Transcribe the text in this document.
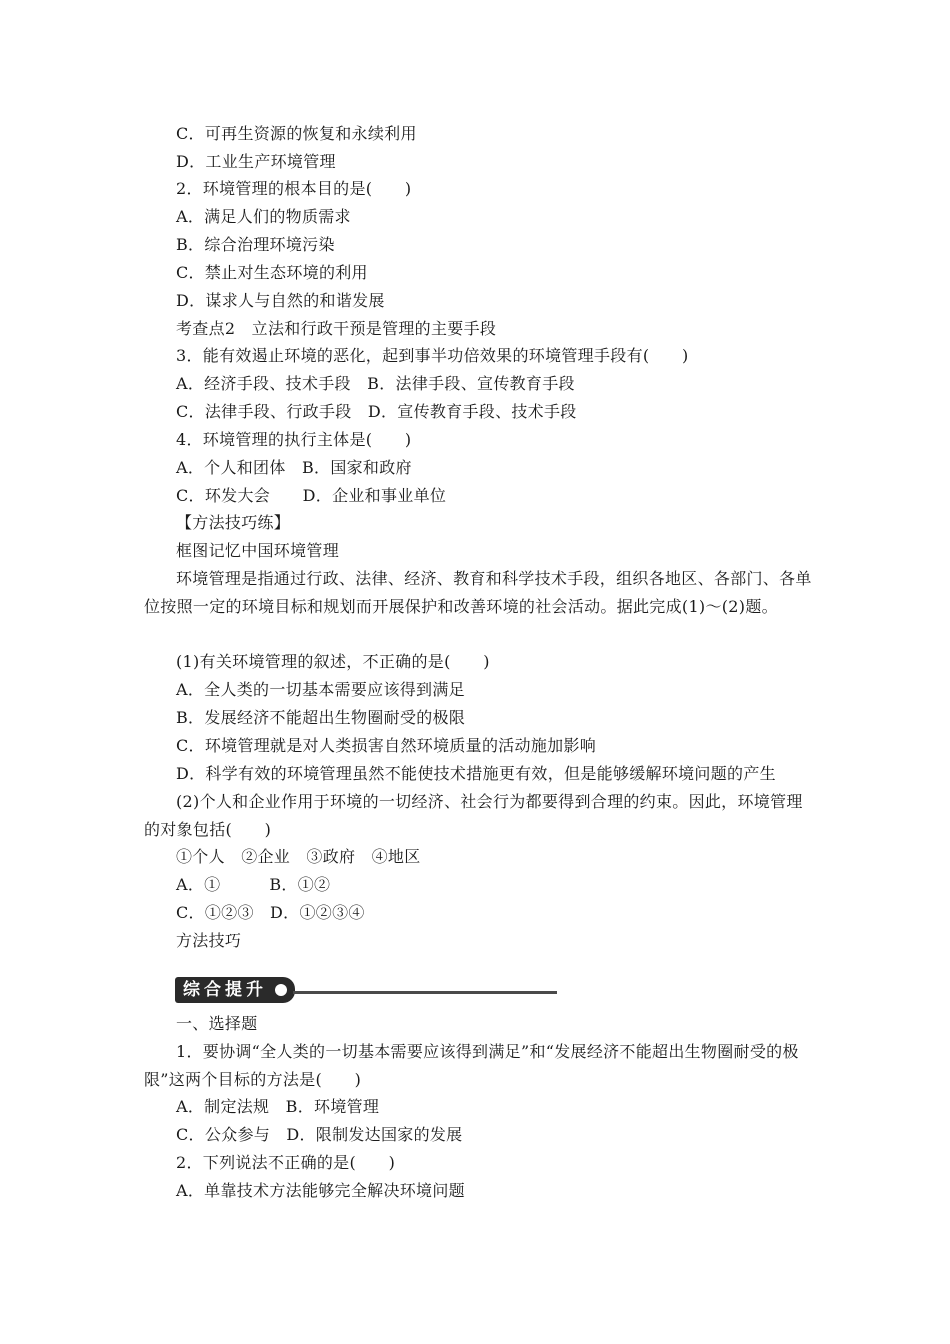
C．可再生资源的恢复和永续利用
D．工业生产环境管理
2．环境管理的根本目的是(　　)
A．满足人们的物质需求
B．综合治理环境污染
C．禁止对生态环境的利用
D．谋求人与自然的和谐发展
考查点2　立法和行政干预是管理的主要手段
3．能有效遏止环境的恶化，起到事半功倍效果的环境管理手段有(　　)
A．经济手段、技术手段　B．法律手段、宣传教育手段
C．法律手段、行政手段　D．宣传教育手段、技术手段
4．环境管理的执行主体是(　　)
A．个人和团体　B．国家和政府
C．环发大会　　D．企业和事业单位
【方法技巧练】
框图记忆中国环境管理
环境管理是指通过行政、法律、经济、教育和科学技术手段，组织各地区、各部门、各单位按照一定的环境目标和规划而开展保护和改善环境的社会活动。据此完成(1)～(2)题。
(1)有关环境管理的叙述，不正确的是(　　)
A．全人类的一切基本需要应该得到满足
B．发展经济不能超出生物圈耐受的极限
C．环境管理就是对人类损害自然环境质量的活动施加影响
D．科学有效的环境管理虽然不能使技术措施更有效，但是能够缓解环境问题的产生
(2)个人和企业作用于环境的一切经济、社会行为都要得到合理的约束。因此，环境管理的对象包括(　　)
①个人　②企业　③政府　④地区
A．①　　　B．①②
C．①②③　D．①②③④
方法技巧
综合提升
一、选择题
1．要协调“全人类的一切基本需要应该得到满足”和“发展经济不能超出生物圈耐受的极限”这两个目标的方法是(　　)
A．制定法规　B．环境管理
C．公众参与　D．限制发达国家的发展
2．下列说法不正确的是(　　)
A．单靠技术方法能够完全解决环境问题
